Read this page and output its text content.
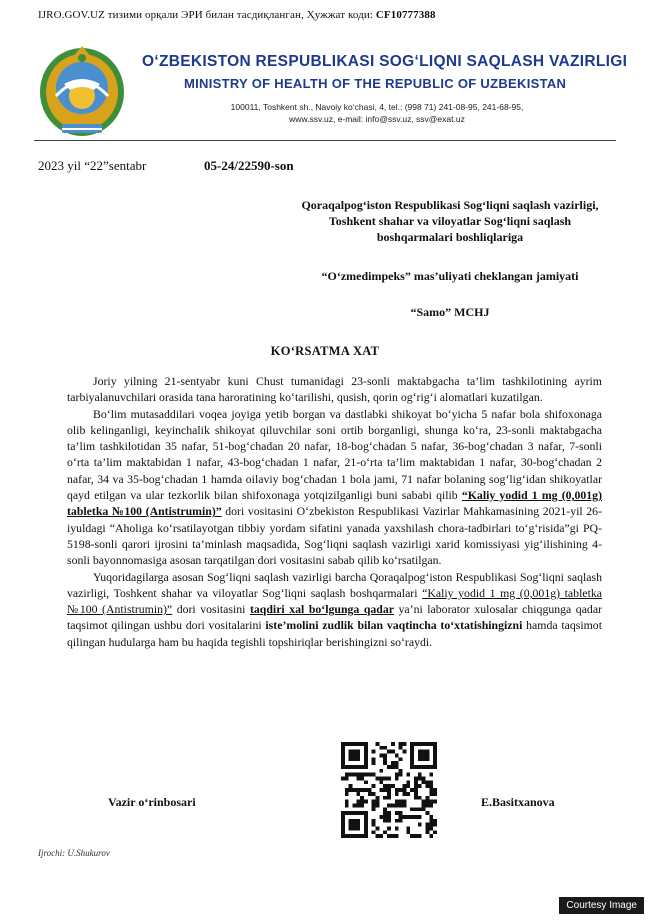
IJRO.GOV.UZ тизими орқали ЭРИ билан тасдиқланган, Ҳужжат коди: CF10777388
O‘ZBEKISTON RESPUBLIKASI SOG‘LIQNI SAQLASH VAZIRLIGI
MINISTRY OF HEALTH OF THE REPUBLIC OF UZBEKISTAN
100011, Toshkent sh., Navoiy ko‘chasi, 4, tel.: (998 71) 241-08-95, 241-68-95,
www.ssv.uz, e-mail: info@ssv.uz, ssv@exat.uz
2023 yil “22”sentabr	05-24/22590-son
Qoraqalpog‘iston Respublikasi Sog‘liqni saqlash vazirligi, Toshkent shahar va viloyatlar Sog‘liqni saqlash boshqarmalari boshliqlariga
“O‘zmedimpeks” mas’uliyati cheklangan jamiyati
“Samo” MCHJ
KO‘RSATMA XAT

Joriy yilning 21-sentyabr kuni Chust tumanidagi 23-sonli maktabgacha ta’lim tashkilotining ayrim tarbiyalanuvchilari orasida tana haroratining ko‘tarilishi, qusish, qorin og‘rig‘i alomatlari kuzatilgan.

Bo‘lim mutasaddilari voqea joyiga yetib borgan va dastlabki shikoyat bo‘yicha 5 nafar bola shifoxonaga olib kelinganligi, keyinchalik shikoyat qiluvchilar soni ortib borganligi, shunga ko‘ra, 23-sonli maktabgacha ta’lim tashkilotidan 35 nafar, 51-bog‘chadan 20 nafar, 18-bog‘chadan 5 nafar, 36-bog‘chadan 3 nafar, 7-sonli o‘rta ta’lim maktabidan 1 nafar, 43-bog‘chadan 1 nafar, 21-o‘rta ta’lim maktabidan 1 nafar, 30-bog‘chadan 2 nafar, 34 va 35-bog‘chadan 1 hamda oilaviy bog‘chadan 1 bola jami, 71 nafar bolaning sog‘lig‘idan shikoyatlar qayd etilgan va ular tezkorlik bilan shifoxonaga yotqizilganligi buni sababi qilib “Kaliy yodid 1 mg (0,001g) tabletka №100 (Antistrumin)” dori vositasini O‘zbekiston Respublikasi Vazirlar Mahkamasining 2021-yil 26-iyuldagi “Aholiga ko‘rsatilayotgan tibbiy yordam sifatini yanada yaxshilash chora-tadbirlari to‘g‘risida”gi PQ-5198-sonli qarori ijrosini ta’minlash maqsadida, Sog‘liqni saqlash vazirligi xarid komissiyasi yig‘ilishining 4-sonli bayonnomasiga asosan tarqatilgan dori vositasini sabab qilib ko‘rsatilgan.

Yuqoridagilarga asosan Sog‘liqni saqlash vazirligi barcha Qoraqalpog‘iston Respublikasi Sog‘liqni saqlash vazirligi, Toshkent shahar va viloyatlar Sog‘liqni saqlash boshqarmalari “Kaliy yodid 1 mg (0,001g) tabletka №100 (Antistrumin)” dori vositasini taqdiri xal bo‘lgunga qadar ya’ni laborator xulosalar chiqgunga qadar taqsimot qilingan ushbu dori vositalarini iste’molini zudlik bilan vaqtincha to‘xtatishingizni hamda taqsimot qilingan hudularga ham bu haqida tegishli topshiriqlar berishingizni so‘raydi.

Vazir o‘rinbosari	E.Basitxanova
Ijrochi: U.Shukurov
Courtesy Image
